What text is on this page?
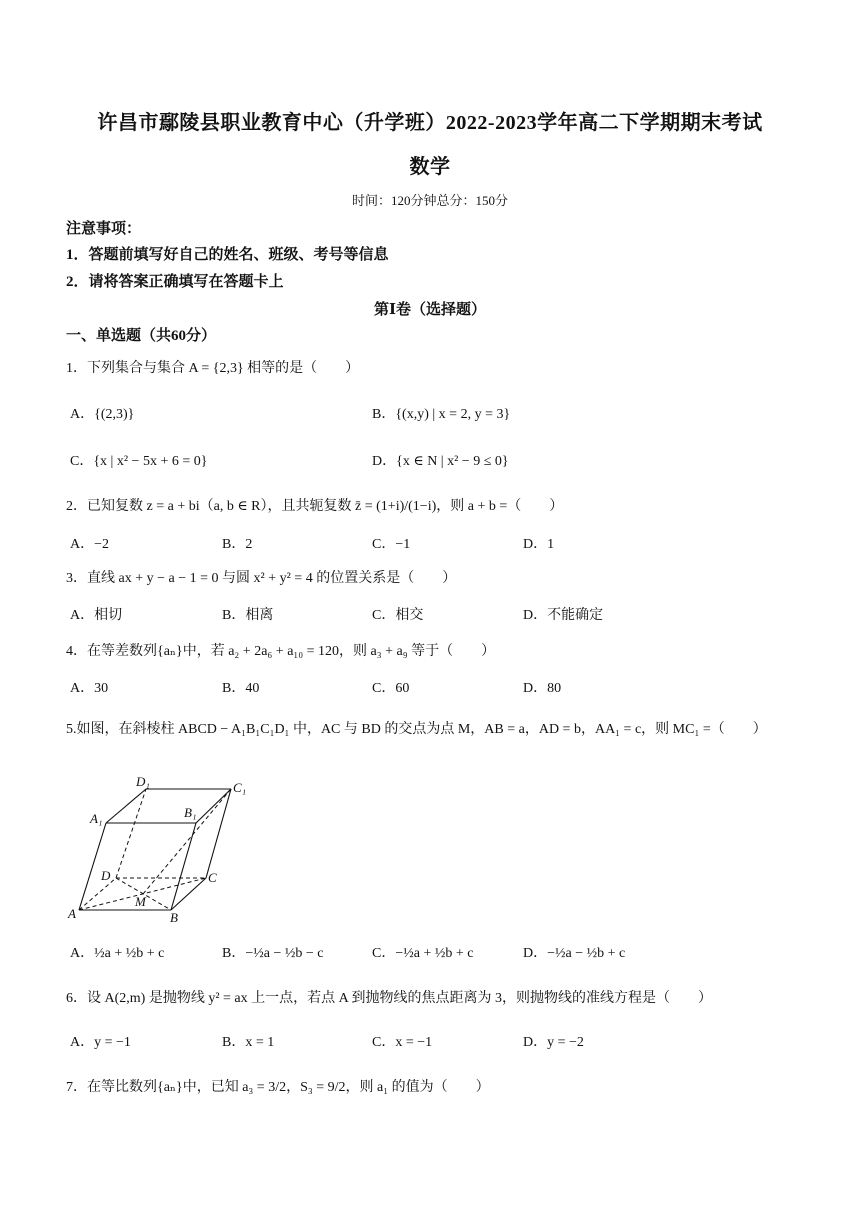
许昌市鄢陵县职业教育中心（升学班）2022-2023学年高二下学期期末考试
数学
时间：120分钟总分：150分
注意事项：
1．答题前填写好自己的姓名、班级、考号等信息
2．请将答案正确填写在答题卡上
第Ⅰ卷（选择题）
一、单选题（共60分）
1．下列集合与集合 A = {2,3} 相等的是（　　）
A．{(2,3)}	B．{(x,y) | x = 2, y = 3}
C．{x | x² − 5x + 6 = 0}	D．{x ∈ N | x² − 9 ≤ 0}
2．已知复数 z = a + bi（a, b ∈ R），且共轭复数 z̄ = (1+i)/(1−i)，则 a + b =（　　）
A．−2	B．2	C．−1	D．1
3．直线 ax + y − a − 1 = 0 与圆 x² + y² = 4 的位置关系是（　　）
A．相切	B．相离	C．相交	D．不能确定
4．在等差数列{aₙ}中，若 a₂ + 2a₆ + a₁₀ = 120，则 a₃ + a₉ 等于（　　）
A．30	B．40	C．60	D．80
5.如图，在斜棱柱 ABCD − A₁B₁C₁D₁ 中，AC 与 BD 的交点为点 M，AB = a，AD = b，AA₁ = c，则 MC₁ =（　　）
D₁	C₁
A₁	B₁
D	C
M
A	B
A．½a + ½b + c	B．−½a − ½b − c	C．−½a + ½b + c	D．−½a − ½b + c
6．设 A(2,m) 是抛物线 y² = ax 上一点，若点 A 到抛物线的焦点距离为 3，则抛物线的准线方程是（　　）
A．y = −1	B．x = 1	C．x = −1	D．y = −2
7．在等比数列{aₙ}中，已知 a₃ = 3/2，S₃ = 9/2，则 a₁ 的值为（　　）
